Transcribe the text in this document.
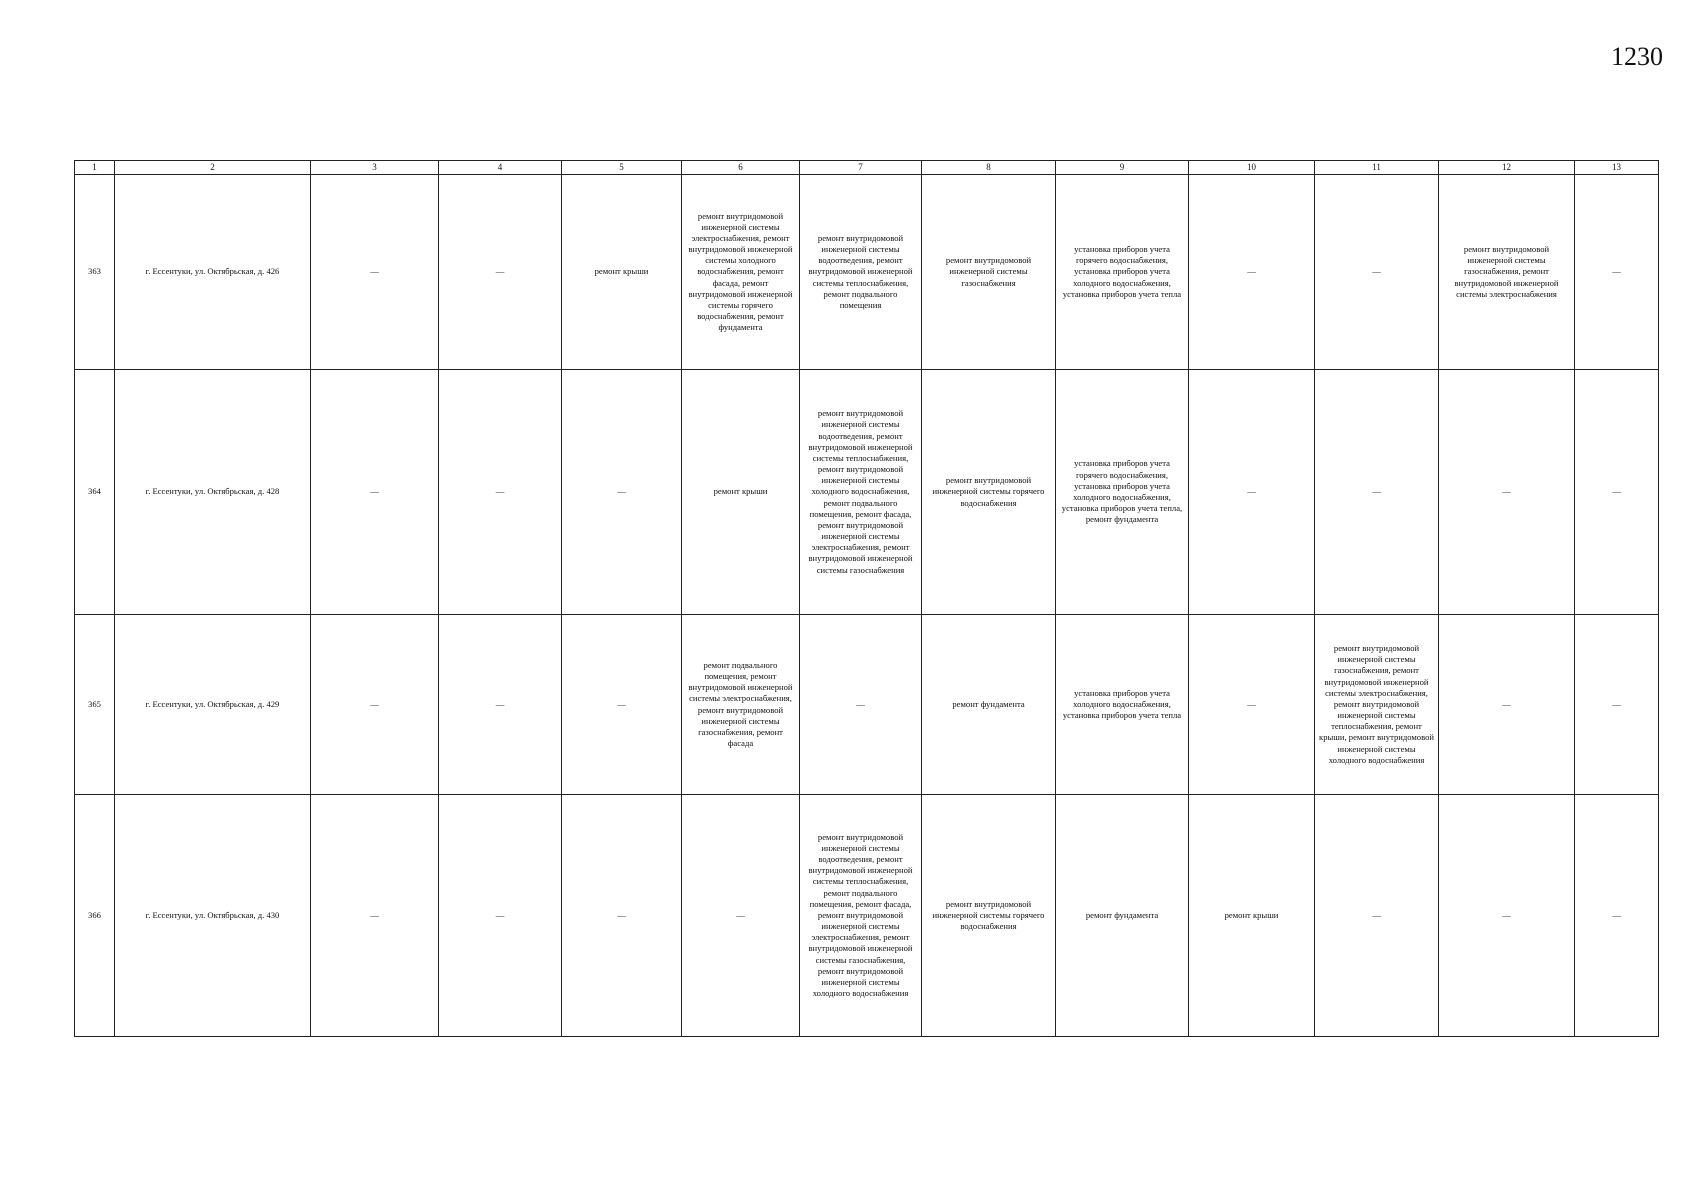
1230
1	2	3	4	5	6	7	8	9	10	11	12	13
363	г. Ессентуки, ул. Октябрьская, д. 426	—	—	ремонт крыши	ремонт внутридомовой инженерной системы электроснабжения, ремонт внутридомовой инженерной системы холодного водоснабжения, ремонт фасада, ремонт внутридомовой инженерной системы горячего водоснабжения, ремонт фундамента	ремонт внутридомовой инженерной системы водоотведения, ремонт внутридомовой инженерной системы теплоснабжения, ремонт подвального помещения	ремонт внутридомовой инженерной системы газоснабжения	установка приборов учета горячего водоснабжения, установка приборов учета холодного водоснабжения, установка приборов учета тепла	—	—	ремонт внутридомовой инженерной системы газоснабжения, ремонт внутридомовой инженерной системы электроснабжения	—
364	г. Ессентуки, ул. Октябрьская, д. 428	—	—	—	ремонт крыши	ремонт внутридомовой инженерной системы водоотведения, ремонт внутридомовой инженерной системы теплоснабжения, ремонт внутридомовой инженерной системы холодного водоснабжения, ремонт подвального помещения, ремонт фасада, ремонт внутридомовой инженерной системы электроснабжения, ремонт внутридомовой инженерной системы газоснабжения	ремонт внутридомовой инженерной системы горячего водоснабжения	установка приборов учета горячего водоснабжения, установка приборов учета холодного водоснабжения, установка приборов учета тепла, ремонт фундамента	—	—	—	—
365	г. Ессентуки, ул. Октябрьская, д. 429	—	—	—	ремонт подвального помещения, ремонт внутридомовой инженерной системы электроснабжения, ремонт внутридомовой инженерной системы газоснабжения, ремонт фасада	—	ремонт фундамента	установка приборов учета холодного водоснабжения, установка приборов учета тепла	—	ремонт внутридомовой инженерной системы газоснабжения, ремонт внутридомовой инженерной системы электроснабжения, ремонт внутридомовой инженерной системы теплоснабжения, ремонт крыши, ремонт внутридомовой инженерной системы холодного водоснабжения	—	—
366	г. Ессентуки, ул. Октябрьская, д. 430	—	—	—	—	ремонт внутридомовой инженерной системы водоотведения, ремонт внутридомовой инженерной системы теплоснабжения, ремонт подвального помещения, ремонт фасада, ремонт внутридомовой инженерной системы электроснабжения, ремонт внутридомовой инженерной системы газоснабжения, ремонт внутридомовой инженерной системы холодного водоснабжения	ремонт внутридомовой инженерной системы горячего водоснабжения	ремонт фундамента	ремонт крыши	—	—	—
